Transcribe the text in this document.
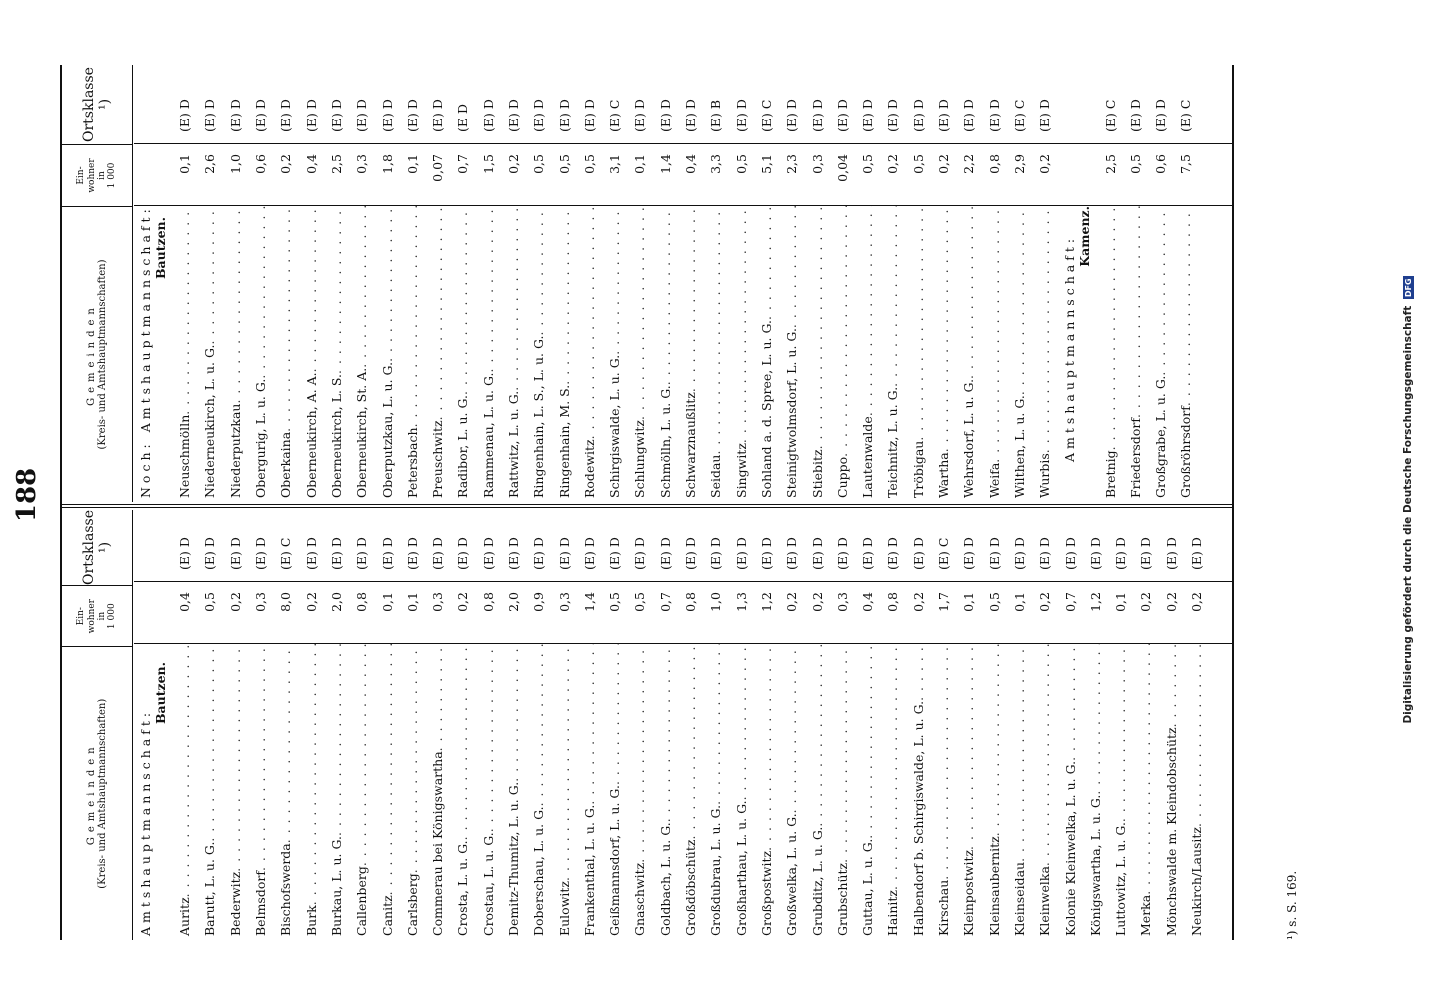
188
Gemeinden (Kreis- und Amtshauptmannschaften)
Ein-
wohner
in
1 000
Ortsklasse ¹)
Amtshauptmannschaft:
Bautzen.
Auritz
. . .
0,4
(E) D
Barutt, L. u. G.
. . .
0,5
(E) D
Bederwitz
. . .
0,2
(E) D
Belmsdorf
. . .
0,3
(E) D
Bischofswerda
. . .
8,0
(E) C
Burk
. . .
0,2
(E) D
Burkau, L. u. G.
. . .
2,0
(E) D
Callenberg
. . .
0,8
(E) D
Canitz
. . .
0,1
(E) D
Carlsberg
. . .
0,1
(E) D
Commerau bei Königswartha
. . .
0,3
(E) D
Crosta, L. u. G.
. . .
0,2
(E) D
Crostau, L. u. G.
. . .
0,8
(E) D
Demitz-Thumitz, L. u. G.
. . .
2,0
(E) D
Doberschau, L. u. G.
. . .
0,9
(E) D
Eulowitz
. . .
0,3
(E) D
Frankenthal, L. u. G.
. . .
1,4
(E) D
Geißmannsdorf, L. u. G.
. . .
0,5
(E) D
Gnaschwitz
. . .
0,5
(E) D
Goldbach, L. u. G.
. . .
0,7
(E) D
Großdöbschütz
. . .
0,8
(E) D
Großdubrau, L. u. G.
. . .
1,0
(E) D
Großharthau, L. u. G.
. . .
1,3
(E) D
Großpostwitz
. . .
1,2
(E) D
Großwelka, L. u. G.
. . .
0,2
(E) D
Grubditz, L. u. G.
. . .
0,2
(E) D
Grubschütz
. . .
0,3
(E) D
Guttau, L. u. G.
. . .
0,4
(E) D
Hainitz
. . .
0,8
(E) D
Halbendorf b. Schirgiswalde, L. u. G.
. . .
0,2
(E) D
Kirschau
. . .
1,7
(E) C
Kleinpostwitz
. . .
0,1
(E) D
Kleinsaubernitz
. . .
0,5
(E) D
Kleinseidau
. . .
0,1
(E) D
Kleinwelka
. . .
0,2
(E) D
Kolonie Kleinwelka, L. u. G.
. . .
0,7
(E) D
Königswartha, L. u. G.
. . .
1,2
(E) D
Luttowitz, L. u. G.
. . .
0,1
(E) D
Merka
. . .
0,2
(E) D
Mönchswalde m. Kleindobschütz
. . .
0,2
(E) D
Neukirch/Lausitz
. . .
0,2
(E) D
Gemeinden (Kreis- und Amtshauptmannschaften)
Ein-
wohner
in
1 000
Ortsklasse ¹)
Noch: Amtshauptmannschaft: Bautzen.
Neuschmölln
. . .
0,1
(E) D
Niederneukirch, L. u. G.
. . .
2,6
(E) D
Niederputzkau
. . .
1,0
(E) D
Obergurig, L. u. G.
. . .
0,6
(E) D
Oberkaina
. . .
0,2
(E) D
Oberneukirch, A. A.
. . .
0,4
(E) D
Oberneukirch, L. S.
. . .
2,5
(E) D
Oberneukirch, St. A.
. . .
0,3
(E) D
Oberputzkau, L. u. G.
. . .
1,8
(E) D
Petersbach
. . .
0,1
(E) D
Preuschwitz
. . .
0,07
(E) D
Radibor, L. u. G.
. . .
0,7
(E D
Rammenau, L. u. G.
. . .
1,5
(E) D
Rattwitz, L. u. G.
. . .
0,2
(E) D
Ringenhain, L. S., L. u. G.
. . .
0,5
(E) D
Ringenhain, M. S.
. . .
0,5
(E) D
Rodewitz
. . .
0,5
(E) D
Schirgiswalde, L. u. G.
. . .
3,1
(E) C
Schlungwitz
. . .
0,1
(E) D
Schmölln, L. u. G.
. . .
1,4
(E) D
Schwarznaußlitz
. . .
0,4
(E) D
Seidau
. . .
3,3
(E) B
Singwitz
. . .
0,5
(E) D
Sohland a. d. Spree, L. u. G.
. . .
5,1
(E) C
Steinigtwolmsdorf, L. u. G.
. . .
2,3
(E) D
Stiebitz
. . .
0,3
(E) D
Cuppo
. . .
0,04
(E) D
Lautenwalde
. . .
0,5
(E) D
Teichnitz, L. u. G.
. . .
0,2
(E) D
Tröbigau
. . .
0,5
(E) D
Wartha
. . .
0,2
(E) D
Wehrsdorf, L. u. G.
. . .
2,2
(E) D
Weifa
. . .
0,8
(E) D
Wilthen, L. u. G.
. . .
2,9
(E) C
Wurbis
. . .
0,2
(E) D
Amtshauptmannschaft: Kamenz.
Bretnig
. . .
2,5
(E) C
Friedersdorf
. . .
0,5
(E) D
Großgrabe, L. u. G.
. . .
0,6
(E) D
Großröhrsdorf
. . .
7,5
(E) C
¹) s. S. 169.
Digitalisierung gefördert durch die Deutsche Forschungsgemeinschaft DFG
